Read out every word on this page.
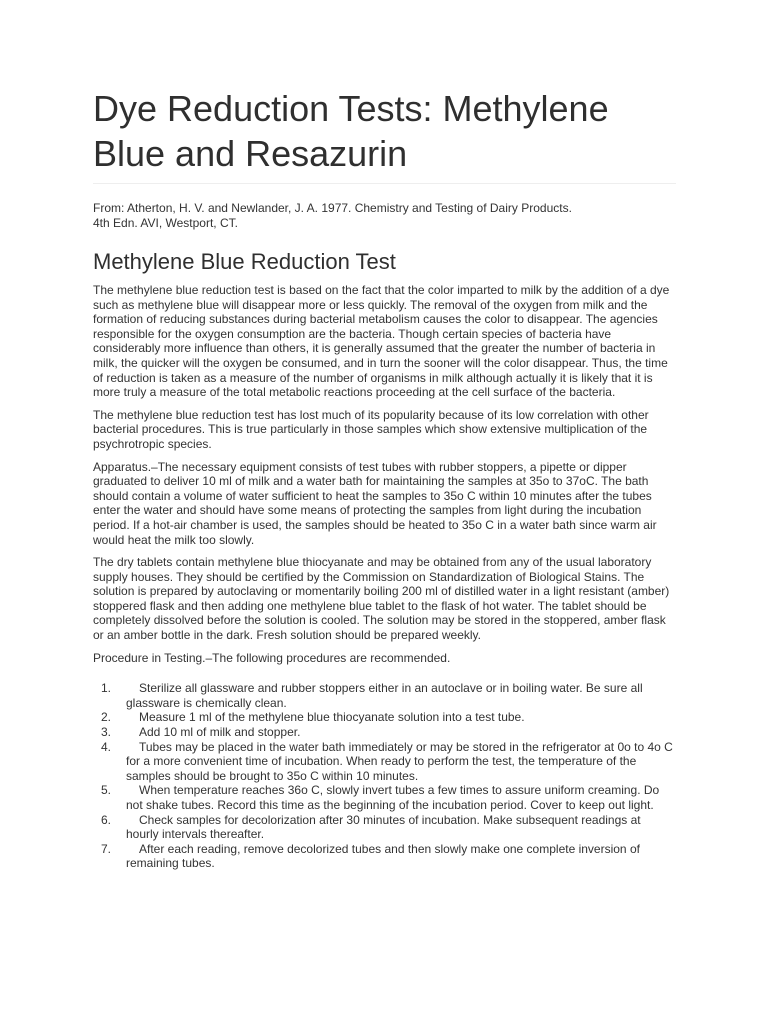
Dye Reduction Tests: Methylene Blue and Resazurin
From: Atherton, H. V. and Newlander, J. A. 1977. Chemistry and Testing of Dairy Products.
4th Edn. AVI, Westport, CT.
Methylene Blue Reduction Test

The methylene blue reduction test is based on the fact that the color imparted to milk by the addition of a dye such as methylene blue will disappear more or less quickly. The removal of the oxygen from milk and the formation of reducing substances during bacterial metabolism causes the color to disappear. The agencies responsible for the oxygen consumption are the bacteria. Though certain species of bacteria have considerably more influence than others, it is generally assumed that the greater the number of bacteria in milk, the quicker will the oxygen be consumed, and in turn the sooner will the color disappear. Thus, the time of reduction is taken as a measure of the number of organisms in milk although actually it is likely that it is more truly a measure of the total metabolic reactions proceeding at the cell surface of the bacteria.

The methylene blue reduction test has lost much of its popularity because of its low correlation with other bacterial procedures. This is true particularly in those samples which show extensive multiplication of the psychrotropic species.

Apparatus.–The necessary equipment consists of test tubes with rubber stoppers, a pipette or dipper graduated to deliver 10 ml of milk and a water bath for maintaining the samples at 35o to 37oC. The bath should contain a volume of water sufficient to heat the samples to 35o C within 10 minutes after the tubes enter the water and should have some means of protecting the samples from light during the incubation period. If a hot-air chamber is used, the samples should be heated to 35o C in a water bath since warm air would heat the milk too slowly.

The dry tablets contain methylene blue thiocyanate and may be obtained from any of the usual laboratory supply houses. They should be certified by the Commission on Standardization of Biological Stains. The solution is prepared by autoclaving or momentarily boiling 200 ml of distilled water in a light resistant (amber) stoppered flask and then adding one methylene blue tablet to the flask of hot water. The tablet should be completely dissolved before the solution is cooled. The solution may be stored in the stoppered, amber flask or an amber bottle in the dark. Fresh solution should be prepared weekly.

Procedure in Testing.–The following procedures are recommended.

1.	Sterilize all glassware and rubber stoppers either in an autoclave or in boiling water. Be sure all glassware is chemically clean.
2.	Measure 1 ml of the methylene blue thiocyanate solution into a test tube.
3.	Add 10 ml of milk and stopper.
4.	Tubes may be placed in the water bath immediately or may be stored in the refrigerator at 0o to 4o C for a more convenient time of incubation. When ready to perform the test, the temperature of the samples should be brought to 35o C within 10 minutes.
5.	When temperature reaches 36o C, slowly invert tubes a few times to assure uniform creaming. Do not shake tubes. Record this time as the beginning of the incubation period. Cover to keep out light.
6.	Check samples for decolorization after 30 minutes of incubation. Make subsequent readings at hourly intervals thereafter.
7.	After each reading, remove decolorized tubes and then slowly make one complete inversion of remaining tubes.
